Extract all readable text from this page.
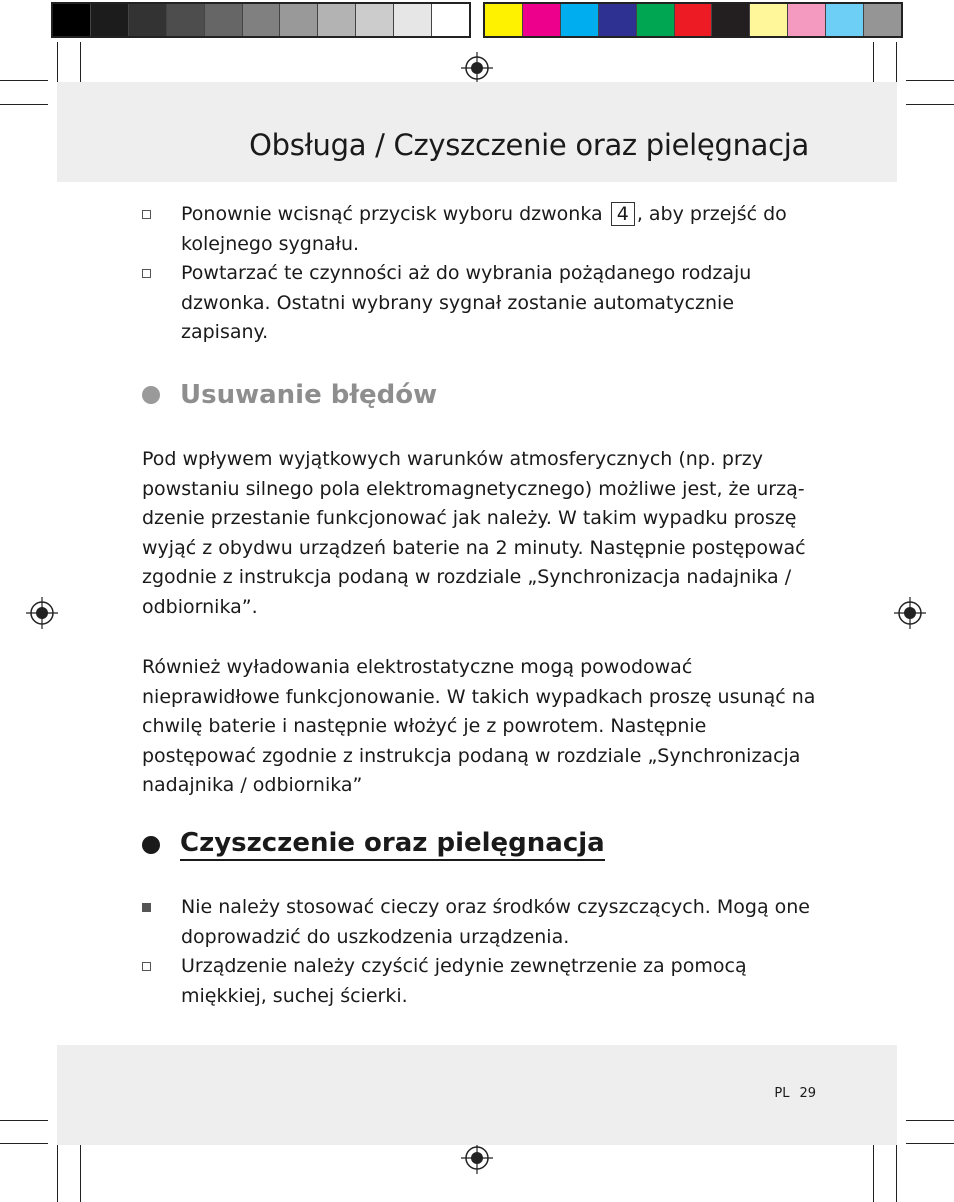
Obsługa / Czyszczenie oraz pielęgnacja
Ponownie wcisnąć przycisk wyboru dzwonka 4 , aby przejść do kolejnego sygnału.
Powtarzać te czynności aż do wybrania pożądanego rodzaju dzwonka. Ostatni wybrany sygnał zostanie automatycznie zapisany.
Usuwanie błędów

Pod wpływem wyjątkowych warunków atmosferycznych (np. przy powstaniu silnego pola elektromagnetycznego) możliwe jest, że urządzenie przestanie funkcjonować jak należy. W takim wypadku proszę wyjąć z obydwu urządzeń baterie na 2 minuty. Następnie postępować zgodnie z instrukcja podaną w rozdziale „Synchronizacja nadajnika / odbiornika”.

Również wyładowania elektrostatyczne mogą powodować nieprawidłowe funkcjonowanie. W takich wypadkach proszę usunąć na chwilę baterie i następnie włożyć je z powrotem. Następnie postępować zgodnie z instrukcja podaną w rozdziale „Synchronizacja nadajnika / odbiornika”

Czyszczenie oraz pielęgnacja
Nie należy stosować cieczy oraz środków czyszczących. Mogą one doprowadzić do uszkodzenia urządzenia.
Urządzenie należy czyścić jedynie zewnętrzenie za pomocą miękkiej, suchej ścierki.
PL 29
